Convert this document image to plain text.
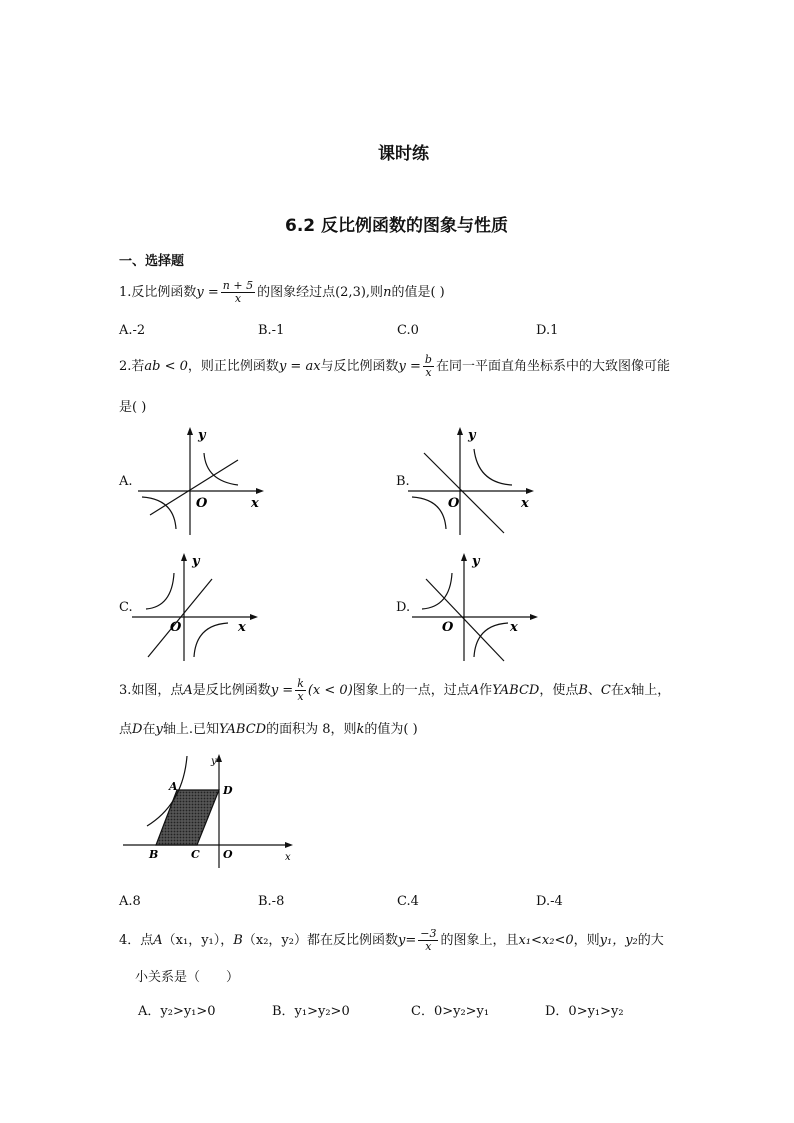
课时练
6.2 反比例函数的图象与性质
一、选择题
1.反比例函数$y = \frac{n + 5}{x}$ 的图象经过点(2,3),则n的值是( )
A.-2	B.-1	C.0	D.1
2.若ab < 0，则正比例函数y = ax与反比例函数$y = \frac{b}{x}$ 在同一平面直角坐标系中的大致图像可能
是( )
A.
y
x
O
B.
y
x
O
C.
y
x
O
D.
y
x
O
3.如图，点A是反比例函数$y = \frac{k}{x} (x < 0)$图象上的一点，过点A作YABCD，使点B、C在x轴上，
点D在y轴上.已知YABCD的面积为 8，则k的值为( )
A	D
B	C O
y
x
A.8	B.-8	C.4	D.-4
4．点A（x₁，y₁），B（x₂，y₂）都在反比例函数$y= \frac{-3}{x}$ 的图象上，且x₁<x₂<0，则y₁，y₂的大
小关系是（　　）
A．y₂>y₁>0	B．y₁>y₂>0	C．0>y₂>y₁	D．0>y₁>y₂
